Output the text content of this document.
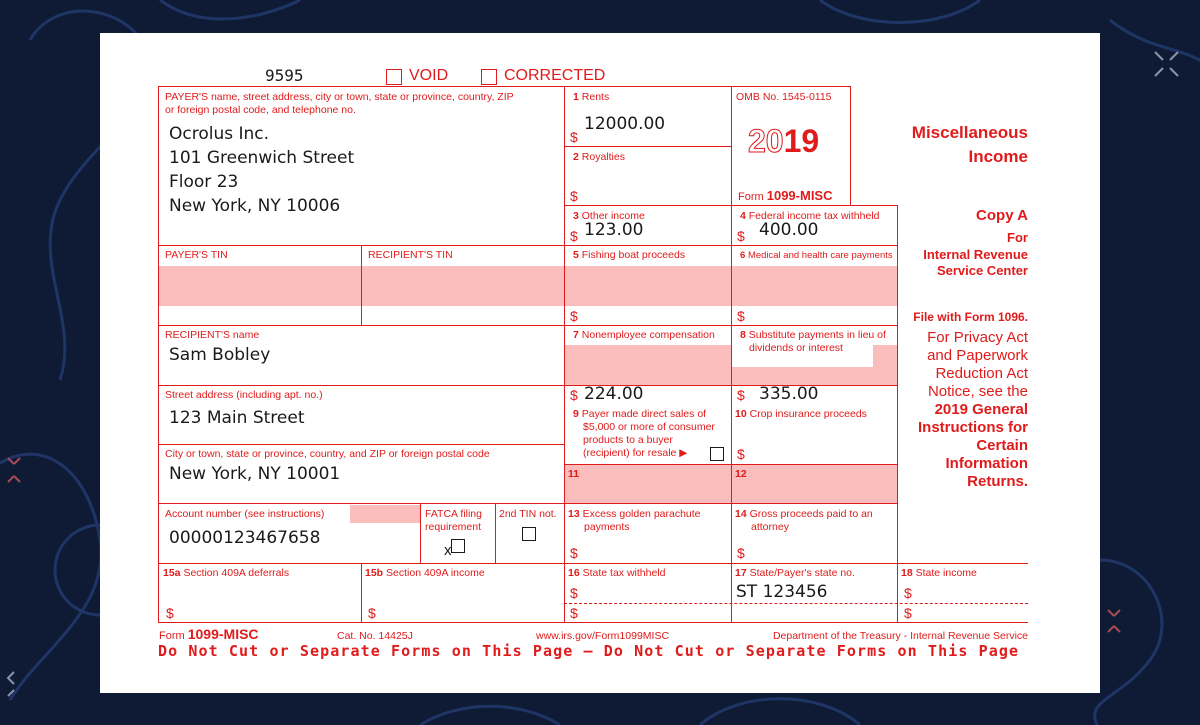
9595	VOID	CORRECTED
PAYER'S name, street address, city or town, state or province, country, ZIP
or foreign postal code, and telephone no.
Ocrolus Inc.
101 Greenwich Street
Floor 23
New York, NY 10006
PAYER'S TIN	RECIPIENT'S TIN
RECIPIENT'S name
Sam Bobley
Street address (including apt. no.)
123 Main Street
City or town, state or province, country, and ZIP or foreign postal code
New York, NY 10001
Account number (see instructions)
00000123467658
FATCA filing
requirement
x
2nd TIN not.
1 Rents
$
12000.00
2 Royalties
$
3 Other income
$ 123.00
5 Fishing boat proceeds
$
7 Nonemployee compensation
$ 224.00
9 Payer made direct sales of
$5,000 or more of consumer
products to a buyer
(recipient) for resale ▶
11
13 Excess golden parachute
payments
$
16 State tax withheld
$
$
OMB No. 1545-0115
2019
Form 1099-MISC
4 Federal income tax withheld
$ 400.00
6 Medical and health care payments
$
8 Substitute payments in lieu of
dividends or interest
$ 335.00
10 Crop insurance proceeds
$
12
14 Gross proceeds paid to an
attorney
$
17 State/Payer's state no.
ST 123456
15a Section 409A deferrals
$
15b Section 409A income
$
18 State income
$
$
Miscellaneous
Income
Copy A
For
Internal Revenue
Service Center
File with Form 1096.
For Privacy Act
and Paperwork
Reduction Act
Notice, see the
2019 General
Instructions for
Certain
Information
Returns.
Form 1099-MISC	Cat. No. 14425J	www.irs.gov/Form1099MISC	Department of the Treasury - Internal Revenue Service
Do Not Cut or Separate Forms on This Page — Do Not Cut or Separate Forms on This Page
